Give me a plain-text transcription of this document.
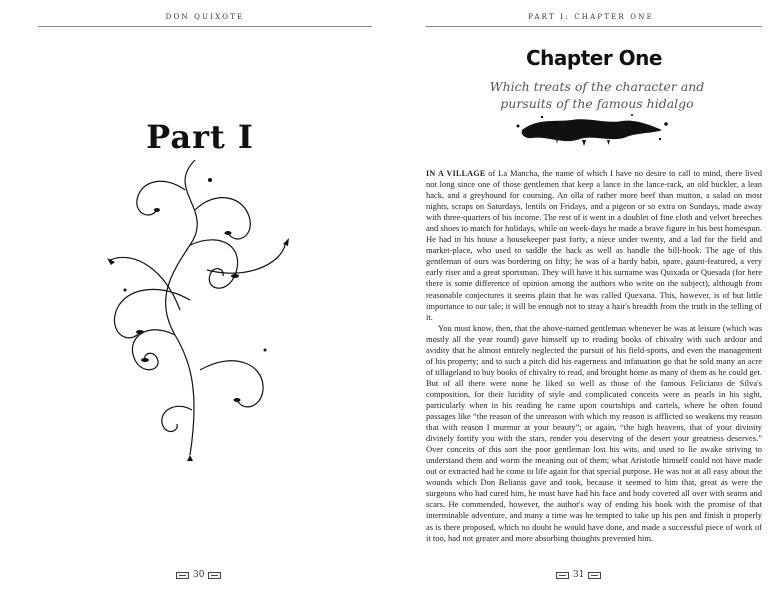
DON QUIXOTE
Part I
30
PART I: CHAPTER ONE
Chapter One
Which treats of the character and pursuits of the famous hidalgo

IN A VILLAGE of La Mancha, the name of which I have no desire to call to mind, there lived not long since one of those gentlemen that keep a lance in the lance-rack, an old buckler, a lean hack, and a greyhound for coursing. An olla of rather more beef than mutton, a salad on most nights, scraps on Saturdays, lentils on Fridays, and a pigeon or so extra on Sundays, made away with three-quarters of his income. The rest of it went in a doublet of fine cloth and velvet breeches and shoes to match for holidays, while on week-days he made a brave figure in his best homespun. He had in his house a housekeeper past forty, a niece under twenty, and a lad for the field and market-place, who used to saddle the hack as well as handle the bill-hook. The age of this gentleman of ours was bordering on fifty; he was of a hardy habit, spare, gaunt-featured, a very early riser and a great sportsman. They will have it his surname was Quixada or Quesada (for here there is some difference of opinion among the authors who write on the subject), although from reasonable conjectures it seems plain that he was called Quexana. This, however, is of but little importance to our tale; it will be enough not to stray a hair's breadth from the truth in the telling of it.

You must know, then, that the above-named gentleman whenever he was at leisure (which was mostly all the year round) gave himself up to reading books of chivalry with such ardour and avidity that he almost entirely neglected the pursuit of his field-sports, and even the management of his property; and to such a pitch did his eagerness and infatuation go that he sold many an acre of tillageland to buy books of chivalry to read, and brought home as many of them as he could get. But of all there were none he liked so well as those of the famous Feliciano de Silva's composition, for their lucidity of style and complicated conceits were as pearls in his sight, particularly when in his reading he came upon courtships and cartels, where he often found passages like “the reason of the unreason with which my reason is afflicted so weakens my reason that with reason I murmur at your beauty”; or again, “the high heavens, that of your divinity divinely fortify you with the stars, render you deserving of the desert your greatness deserves.” Over conceits of this sort the poor gentleman lost his wits, and used to lie awake striving to understand them and worm the meaning out of them; what Aristotle himself could not have made out or extracted had he come to life again for that special purpose. He was not at all easy about the wounds which Don Belianis gave and took, because it seemed to him that, great as were the surgeons who had cured him, he must have had his face and body covered all over with seams and scars. He commended, however, the author's way of ending his book with the promise of that interminable adventure, and many a time was he tempted to take up his pen and finish it properly as is there proposed, which no doubt he would have done, and made a successful piece of work of it too, had not greater and more absorbing thoughts prevented him.

31
